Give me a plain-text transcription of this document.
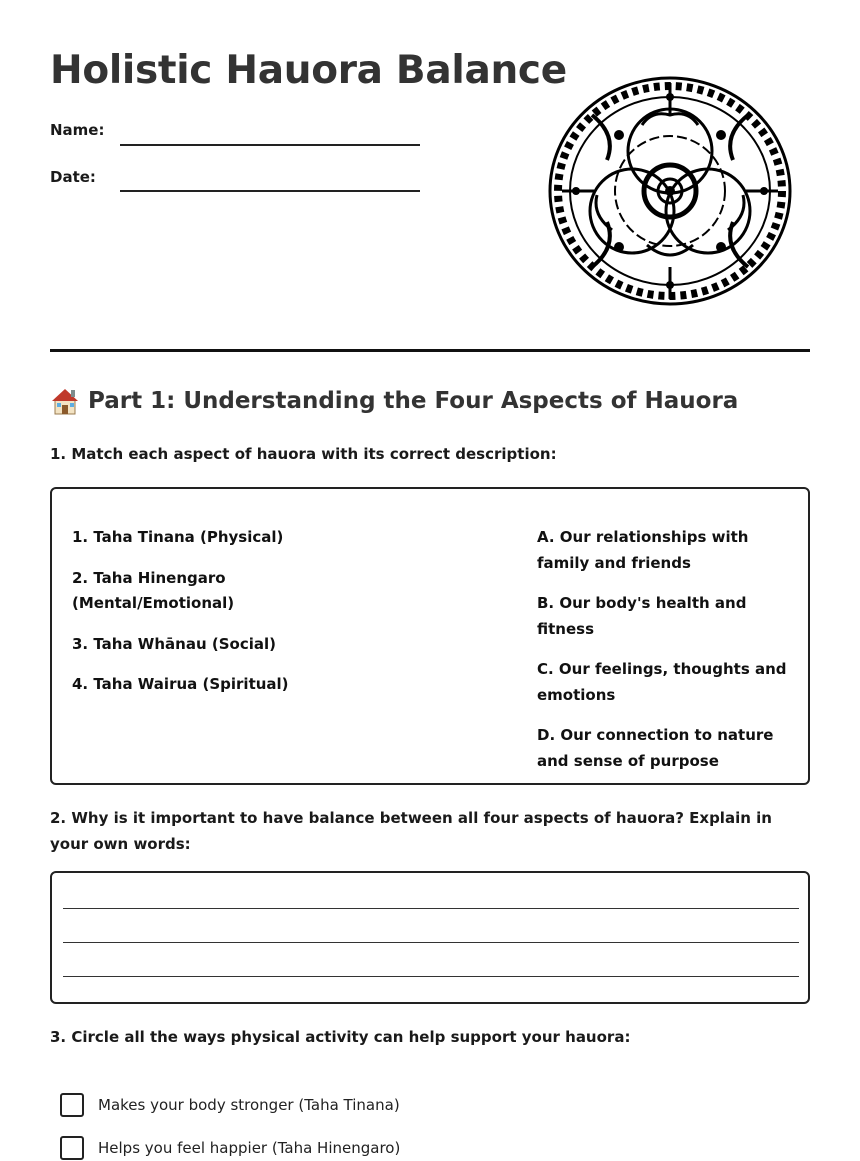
Holistic Hauora Balance
Name:
Date:
Part 1: Understanding the Four Aspects of Hauora
1. Match each aspect of hauora with its correct description:
1. Taha Tinana (Physical)
2. Taha Hinengaro (Mental/Emotional)
3. Taha Whānau (Social)
4. Taha Wairua (Spiritual)
A. Our relationships with family and friends
B. Our body's health and fitness
C. Our feelings, thoughts and emotions
D. Our connection to nature and sense of purpose
2. Why is it important to have balance between all four aspects of hauora? Explain in your own words:
3. Circle all the ways physical activity can help support your hauora:
Makes your body stronger (Taha Tinana)
Helps you feel happier (Taha Hinengaro)
